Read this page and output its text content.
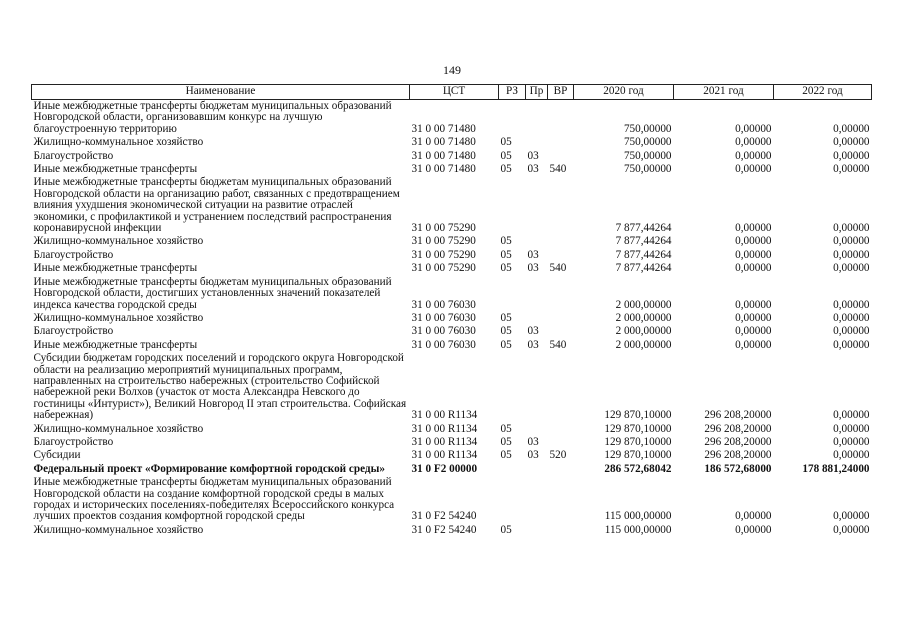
149
Наименование	ЦСТ	РЗ	Пр	ВР	2020 год	2021 год	2022 год
Иные межбюджетные трансферты бюджетам муниципальных образований Новгородской области, организовавшим конкурс на лучшую благоустроенную территорию	31 0 00 71480				750,00000	0,00000	0,00000
Жилищно-коммунальное хозяйство	31 0 00 71480	05			750,00000	0,00000	0,00000
Благоустройство	31 0 00 71480	05	03		750,00000	0,00000	0,00000
Иные межбюджетные трансферты	31 0 00 71480	05	03	540	750,00000	0,00000	0,00000
Иные межбюджетные трансферты бюджетам муниципальных образований Новгородской области на организацию работ, связанных с предотвращением влияния ухудшения экономической ситуации на развитие отраслей экономики, с профилактикой и устранением последствий распространения коронавирусной инфекции	31 0 00 75290				7 877,44264	0,00000	0,00000
Жилищно-коммунальное хозяйство	31 0 00 75290	05			7 877,44264	0,00000	0,00000
Благоустройство	31 0 00 75290	05	03		7 877,44264	0,00000	0,00000
Иные межбюджетные трансферты	31 0 00 75290	05	03	540	7 877,44264	0,00000	0,00000
Иные межбюджетные трансферты бюджетам муниципальных образований Новгородской области, достигших установленных значений показателей индекса качества городской среды	31 0 00 76030				2 000,00000	0,00000	0,00000
Жилищно-коммунальное хозяйство	31 0 00 76030	05			2 000,00000	0,00000	0,00000
Благоустройство	31 0 00 76030	05	03		2 000,00000	0,00000	0,00000
Иные межбюджетные трансферты	31 0 00 76030	05	03	540	2 000,00000	0,00000	0,00000
Субсидии бюджетам городских поселений и городского округа Новгородской области на реализацию мероприятий муниципальных программ, направленных на строительство набережных (строительство Софийской набережной реки Волхов (участок от моста Александра Невского до гостиницы «Интурист»), Великий Новгород II этап строительства. Софийская набережная)	31 0 00 R1134				129 870,10000	296 208,20000	0,00000
Жилищно-коммунальное хозяйство	31 0 00 R1134	05			129 870,10000	296 208,20000	0,00000
Благоустройство	31 0 00 R1134	05	03		129 870,10000	296 208,20000	0,00000
Субсидии	31 0 00 R1134	05	03	520	129 870,10000	296 208,20000	0,00000
Федеральный проект «Формирование комфортной городской среды»	31 0 F2 00000				286 572,68042	186 572,68000	178 881,24000
Иные межбюджетные трансферты бюджетам муниципальных образований Новгородской области на создание комфортной городской среды в малых городах и исторических поселениях-победителях Всероссийского конкурса лучших проектов создания комфортной городской среды	31 0 F2 54240				115 000,00000	0,00000	0,00000
Жилищно-коммунальное хозяйство	31 0 F2 54240	05			115 000,00000	0,00000	0,00000
